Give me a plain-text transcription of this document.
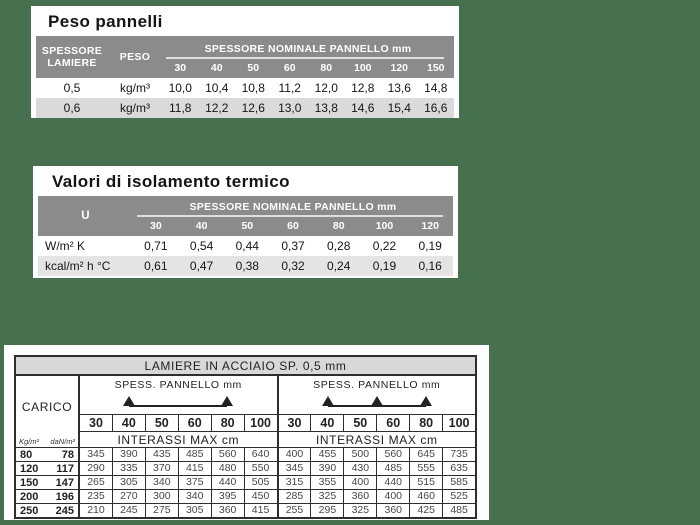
Peso pannelli
SPESSORE
LAMIERE	PESO
SPESSORE NOMINALE PANNELLO mm
30	40	50	60	80	100	120	150
0,5	kg/m³	10,0	10,4	10,8	11,2	12,0	12,8	13,6	14,8
0,6	kg/m³	11,8	12,2	12,6	13,0	13,8	14,6	15,4	16,6
Valori di isolamento termico
U
SPESSORE NOMINALE PANNELLO mm
30	40	50	60	80	100	120
W/m² K	0,71	0,54	0,44	0,37	0,28	0,22	0,19
kcal/m² h °C	0,61	0,47	0,38	0,32	0,24	0,19	0,16
LAMIERE IN ACCIAIO SP. 0,5 mm
CARICO
Kg/m² daN/m²
SPESS. PANNELLO mm
30	40	50	60	80	100
INTERASSI MAX cm
SPESS. PANNELLO mm
30	40	50	60	80	100
INTERASSI MAX cm
80	78	345	390	435	485	560	640	400	455	500	560	645	735
120 117	290	335	370	415	480	550	345	390	430	485	555	635
150 147	265	305	340	375	440	505	315	355	400	440	515	585
200 196	235	270	300	340	395	450	285	325	360	400	460	525
250 245	210	245	275	305	360	415	255	295	325	360	425	485
